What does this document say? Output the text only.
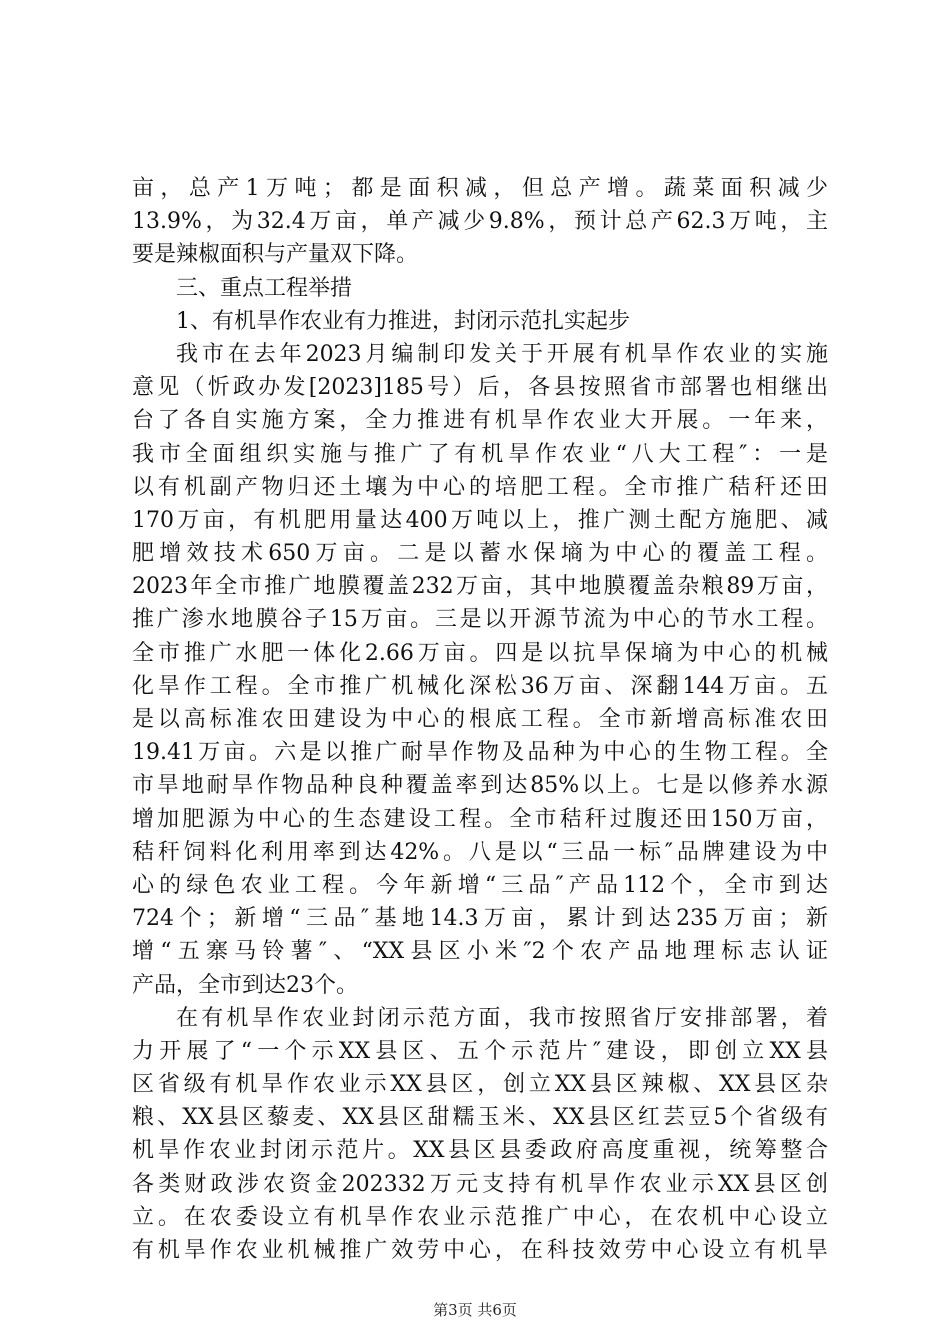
亩，总产1万吨；都是面积减，但总产增。蔬菜面积减少
13.9%，为32.4万亩，单产减少9.8%，预计总产62.3万吨，主
要是辣椒面积与产量双下降。
三、重点工程举措
1、有机旱作农业有力推进，封闭示范扎实起步
我市在去年2023月编制印发关于开展有机旱作农业的实施
意见（忻政办发[2023]185号）后，各县按照省市部署也相继出
台了各自实施方案，全力推进有机旱作农业大开展。一年来，
我市全面组织实施与推广了有机旱作农业“八大工程″：一是
以有机副产物归还土壤为中心的培肥工程。全市推广秸秆还田
170万亩，有机肥用量达400万吨以上，推广测土配方施肥、减
肥增效技术650万亩。二是以蓄水保墒为中心的覆盖工程。
2023年全市推广地膜覆盖232万亩，其中地膜覆盖杂粮89万亩，
推广渗水地膜谷子15万亩。三是以开源节流为中心的节水工程。
全市推广水肥一体化2.66万亩。四是以抗旱保墒为中心的机械
化旱作工程。全市推广机械化深松36万亩、深翻144万亩。五
是以高标准农田建设为中心的根底工程。全市新增高标准农田
19.41万亩。六是以推广耐旱作物及品种为中心的生物工程。全
市旱地耐旱作物品种良种覆盖率到达85%以上。七是以修养水源
增加肥源为中心的生态建设工程。全市秸秆过腹还田150万亩，
秸秆饲料化利用率到达42%。八是以“三品一标″品牌建设为中
心的绿色农业工程。今年新增“三品″产品112个，全市到达
724个；新增“三品″基地14.3万亩，累计到达235万亩；新
增“五寨马铃薯″、“XX县区小米″2个农产品地理标志认证
产品，全市到达23个。
在有机旱作农业封闭示范方面，我市按照省厅安排部署，着
力开展了“一个示XX县区、五个示范片″建设，即创立XX县
区省级有机旱作农业示XX县区，创立XX县区辣椒、XX县区杂
粮、XX县区藜麦、XX县区甜糯玉米、XX县区红芸豆5个省级有
机旱作农业封闭示范片。XX县区县委政府高度重视，统筹整合
各类财政涉农资金202332万元支持有机旱作农业示XX县区创
立。在农委设立有机旱作农业示范推广中心，在农机中心设立
有机旱作农业机械推广效劳中心，在科技效劳中心设立有机旱
第3页 共6页
